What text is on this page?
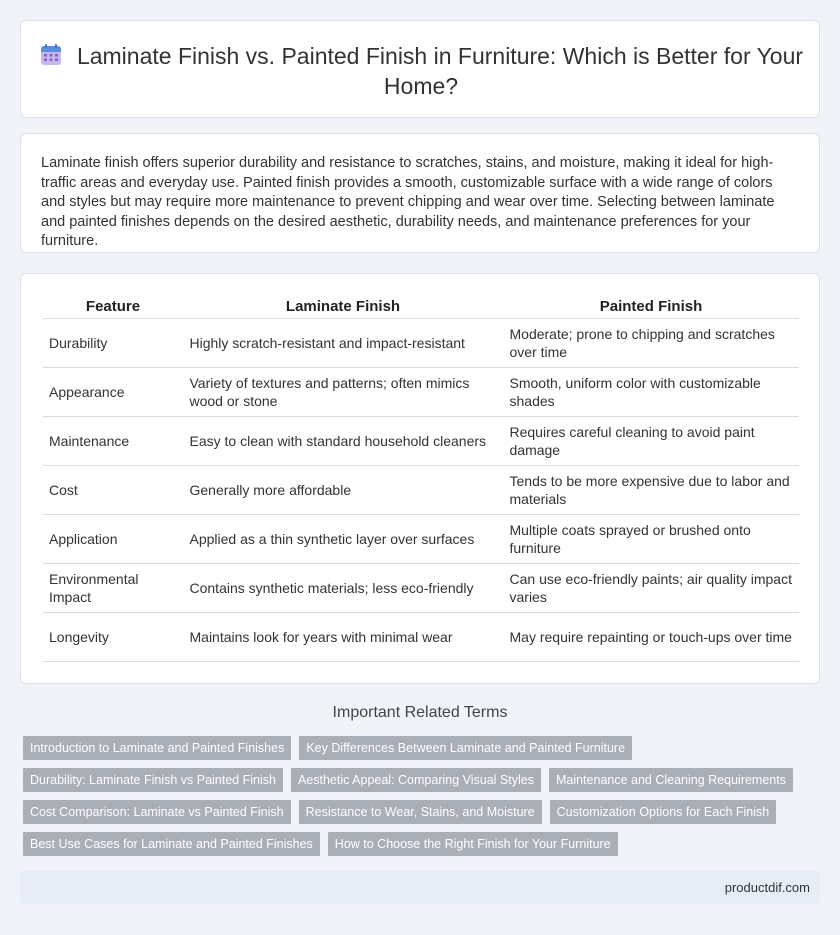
Laminate Finish vs. Painted Finish in Furniture: Which is Better for Your Home?

Laminate finish offers superior durability and resistance to scratches, stains, and moisture, making it ideal for high-traffic areas and everyday use. Painted finish provides a smooth, customizable surface with a wide range of colors and styles but may require more maintenance to prevent chipping and wear over time. Selecting between laminate and painted finishes depends on the desired aesthetic, durability needs, and maintenance preferences for your furniture.

Feature	Laminate Finish	Painted Finish
Durability	Highly scratch-resistant and impact-resistant	Moderate; prone to chipping and scratches over time
Appearance	Variety of textures and patterns; often mimics wood or stone	Smooth, uniform color with customizable shades
Maintenance	Easy to clean with standard household cleaners	Requires careful cleaning to avoid paint damage
Cost	Generally more affordable	Tends to be more expensive due to labor and materials
Application	Applied as a thin synthetic layer over surfaces	Multiple coats sprayed or brushed onto furniture
Environmental Impact	Contains synthetic materials; less eco-friendly	Can use eco-friendly paints; air quality impact varies
Longevity	Maintains look for years with minimal wear	May require repainting or touch-ups over time
Important Related Terms
Introduction to Laminate and Painted Finishes	Key Differences Between Laminate and Painted Furniture
Durability: Laminate Finish vs Painted Finish	Aesthetic Appeal: Comparing Visual Styles	Maintenance and Cleaning Requirements
Cost Comparison: Laminate vs Painted Finish	Resistance to Wear, Stains, and Moisture	Customization Options for Each Finish
Best Use Cases for Laminate and Painted Finishes	How to Choose the Right Finish for Your Furniture
productdif.com
